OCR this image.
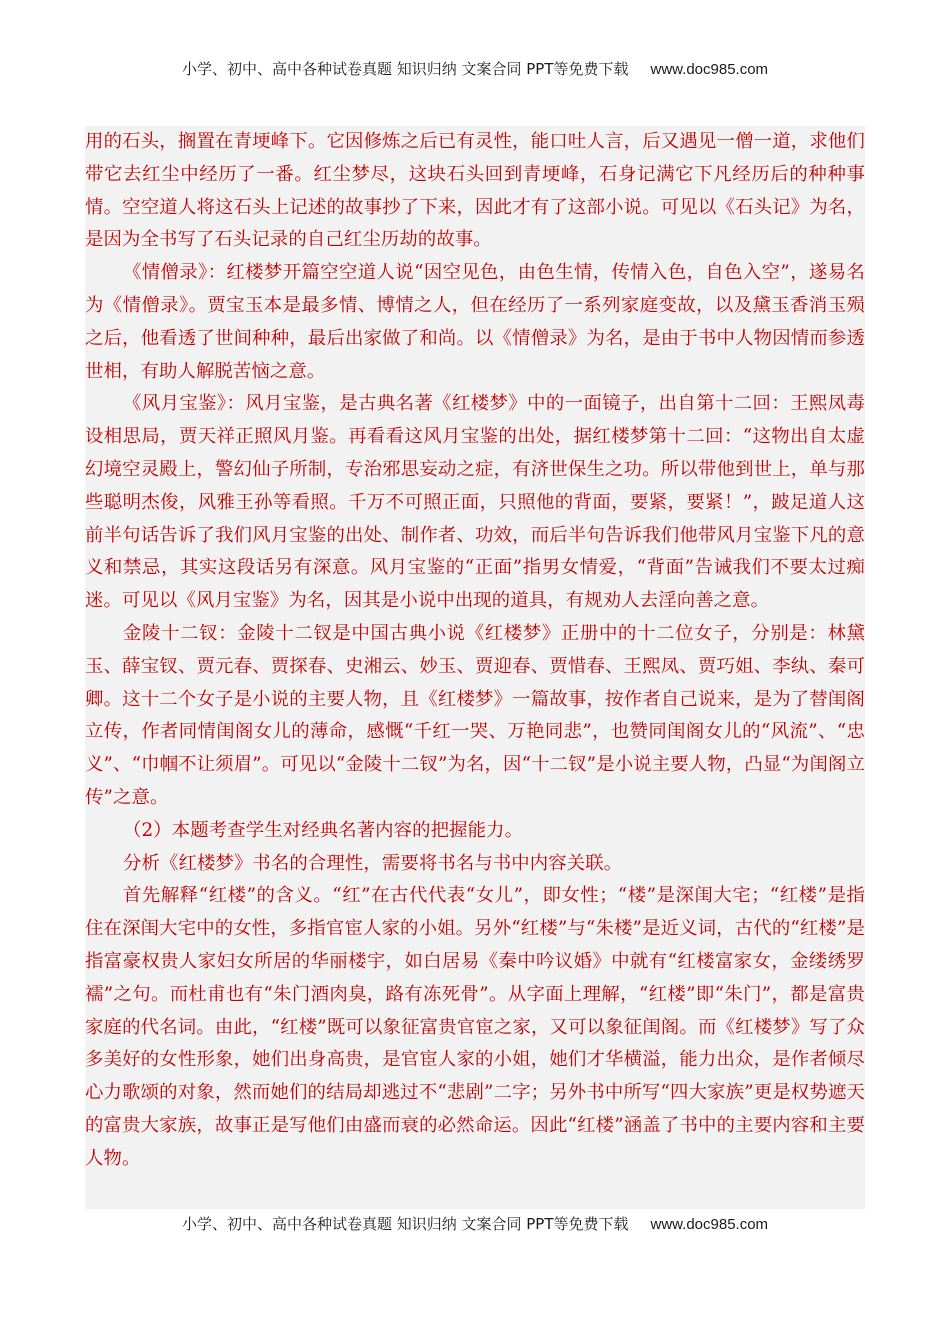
小学、初中、高中各种试卷真题 知识归纳 文案合同 PPT等免费下载 www.doc985.com

用的石头，搁置在青埂峰下。它因修炼之后已有灵性，能口吐人言，后又遇见一僧一道，求他们带它去红尘中经历了一番。红尘梦尽，这块石头回到青埂峰，石身记满它下凡经历后的种种事情。空空道人将这石头上记述的故事抄了下来，因此才有了这部小说。可见以《石头记》为名，是因为全书写了石头记录的自己红尘历劫的故事。

《情僧录》：红楼梦开篇空空道人说“因空见色，由色生情，传情入色，自色入空”，遂易名为《情僧录》。贾宝玉本是最多情、博情之人，但在经历了一系列家庭变故，以及黛玉香消玉殒之后，他看透了世间种种，最后出家做了和尚。以《情僧录》为名，是由于书中人物因情而参透世相，有助人解脱苦恼之意。

《风月宝鉴》：风月宝鉴，是古典名著《红楼梦》中的一面镜子，出自第十二回：王熙凤毒设相思局，贾天祥正照风月鉴。再看看这风月宝鉴的出处，据红楼梦第十二回：“这物出自太虚幻境空灵殿上，警幻仙子所制，专治邪思妄动之症，有济世保生之功。所以带他到世上，单与那些聪明杰俊，风雅王孙等看照。千万不可照正面，只照他的背面，要紧，要紧！”，跛足道人这前半句话告诉了我们风月宝鉴的出处、制作者、功效，而后半句告诉我们他带风月宝鉴下凡的意义和禁忌，其实这段话另有深意。风月宝鉴的“正面”指男女情爱，“背面”告诫我们不要太过痴迷。可见以《风月宝鉴》为名，因其是小说中出现的道具，有规劝人去淫向善之意。

金陵十二钗：金陵十二钗是中国古典小说《红楼梦》正册中的十二位女子，分别是：林黛玉、薛宝钗、贾元春、贾探春、史湘云、妙玉、贾迎春、贾惜春、王熙凤、贾巧姐、李纨、秦可卿。这十二个女子是小说的主要人物，且《红楼梦》一篇故事，按作者自己说来，是为了替闺阁立传，作者同情闺阁女儿的薄命，感慨“千红一哭、万艳同悲”，也赞同闺阁女儿的“风流”、“忠义”、“巾帼不让须眉”。可见以“金陵十二钗”为名，因“十二钗”是小说主要人物，凸显“为闺阁立传”之意。

（2）本题考查学生对经典名著内容的把握能力。

分析《红楼梦》书名的合理性，需要将书名与书中内容关联。

首先解释“红楼”的含义。“红”在古代代表“女儿”，即女性；“楼”是深闺大宅；“红楼”是指住在深闺大宅中的女性，多指官宦人家的小姐。另外“红楼”与“朱楼”是近义词，古代的“红楼”是指富豪权贵人家妇女所居的华丽楼宇，如白居易《秦中吟议婚》中就有“红楼富家女，金缕绣罗襦”之句。而杜甫也有“朱门酒肉臭，路有冻死骨”。从字面上理解，“红楼”即“朱门”，都是富贵家庭的代名词。由此，“红楼”既可以象征富贵官宦之家，又可以象征闺阁。而《红楼梦》写了众多美好的女性形象，她们出身高贵，是官宦人家的小姐，她们才华横溢，能力出众，是作者倾尽心力歌颂的对象，然而她们的结局却逃过不“悲剧”二字；另外书中所写“四大家族”更是权势遮天的富贵大家族，故事正是写他们由盛而衰的必然命运。因此“红楼”涵盖了书中的主要内容和主要人物。

小学、初中、高中各种试卷真题 知识归纳 文案合同 PPT等免费下载 www.doc985.com
